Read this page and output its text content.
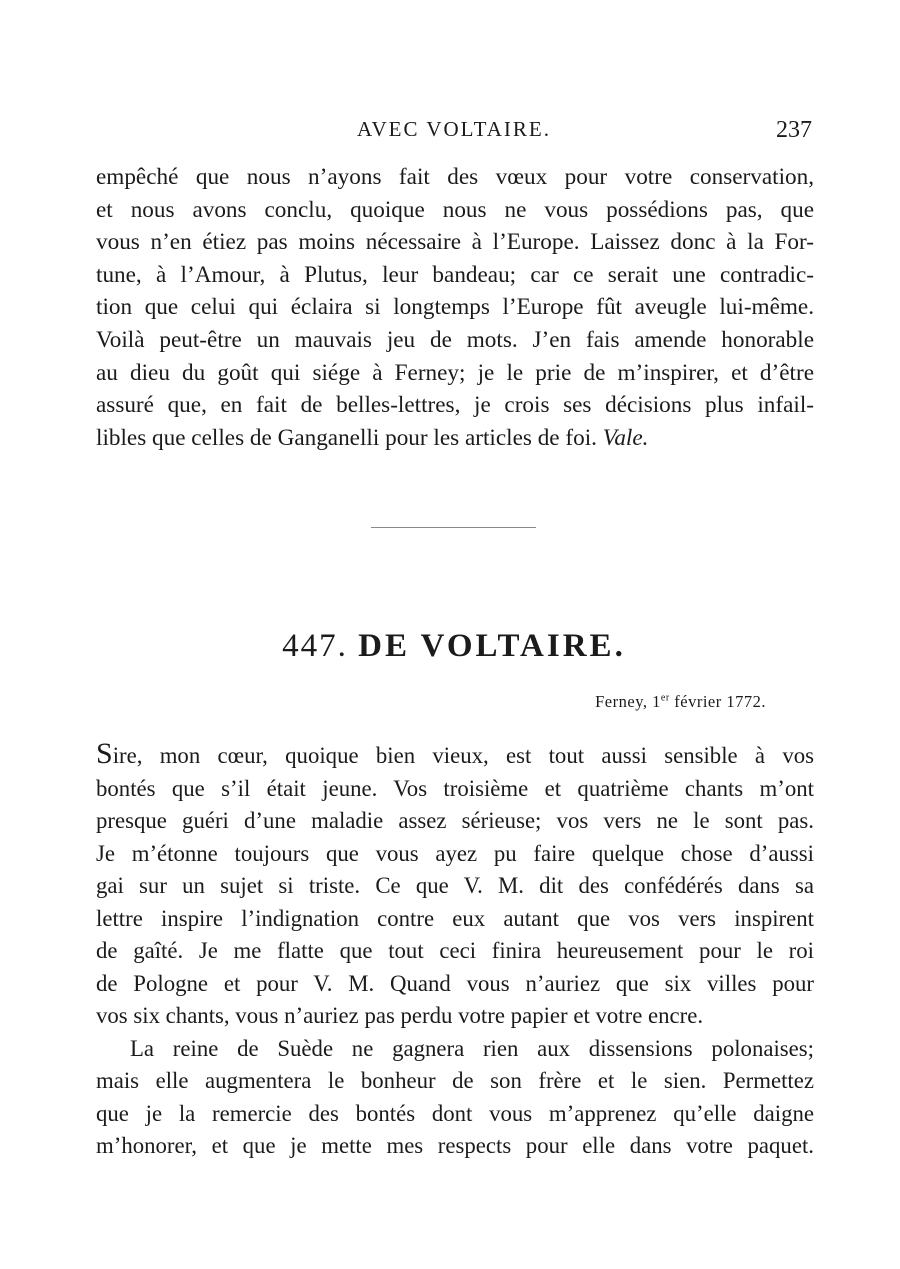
AVEC VOLTAIRE.	237

empêché que nous n’ayons fait des vœux pour votre conservation,
et nous avons conclu, quoique nous ne vous possédions pas, que
vous n’en étiez pas moins nécessaire à l’Europe. Laissez donc à la For-
tune, à l’Amour, à Plutus, leur bandeau; car ce serait une contradic-
tion que celui qui éclaira si longtemps l’Europe fût aveugle lui-même.
Voilà peut-être un mauvais jeu de mots. J’en fais amende honorable
au dieu du goût qui siége à Ferney; je le prie de m’inspirer, et d’être
assuré que, en fait de belles-lettres, je crois ses décisions plus infail-
libles que celles de Ganganelli pour les articles de foi. Vale.

447. DE VOLTAIRE.
Ferney, 1er février 1772.

Sire, mon cœur, quoique bien vieux, est tout aussi sensible à vos
bontés que s’il était jeune. Vos troisième et quatrième chants m’ont
presque guéri d’une maladie assez sérieuse; vos vers ne le sont pas.
Je m’étonne toujours que vous ayez pu faire quelque chose d’aussi
gai sur un sujet si triste. Ce que V. M. dit des confédérés dans sa
lettre inspire l’indignation contre eux autant que vos vers inspirent
de gaîté. Je me flatte que tout ceci finira heureusement pour le roi
de Pologne et pour V. M. Quand vous n’auriez que six villes pour
vos six chants, vous n’auriez pas perdu votre papier et votre encre.

La reine de Suède ne gagnera rien aux dissensions polonaises;
mais elle augmentera le bonheur de son frère et le sien. Permettez
que je la remercie des bontés dont vous m’apprenez qu’elle daigne
m’honorer, et que je mette mes respects pour elle dans votre paquet.
